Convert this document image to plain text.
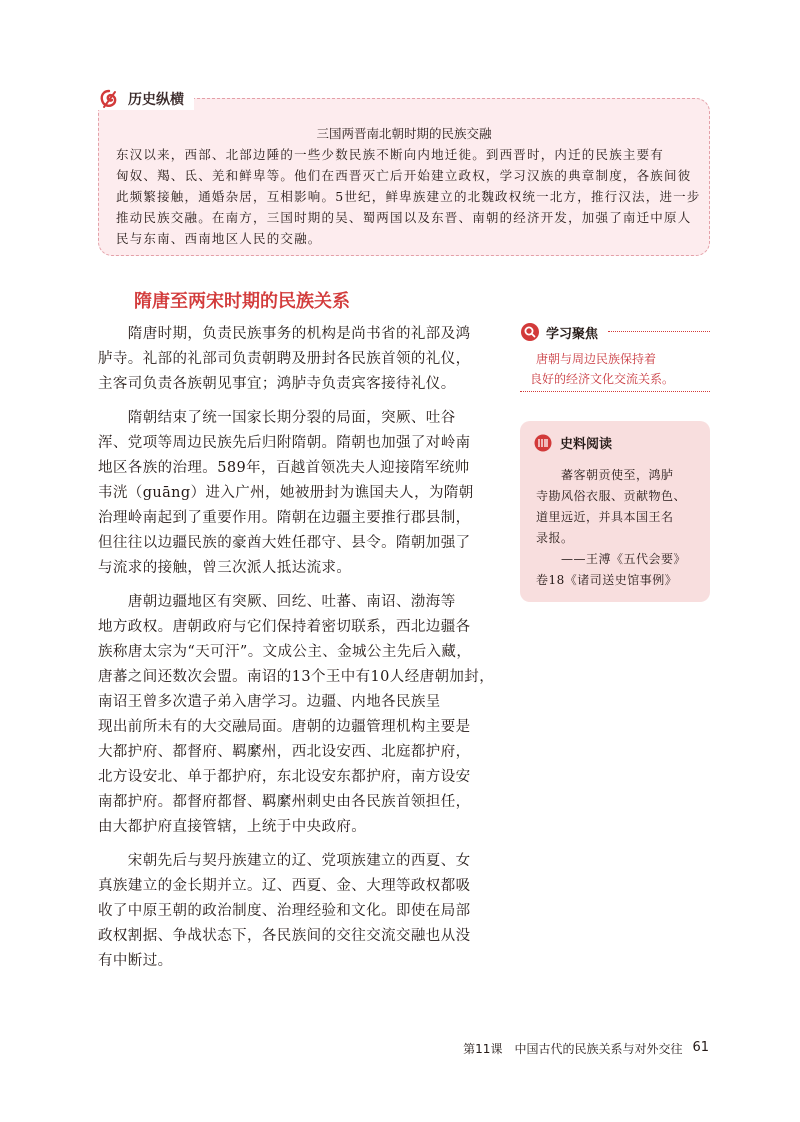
历史纵横
三国两晋南北朝时期的民族交融
东汉以来，西部、北部边陲的一些少数民族不断向内地迁徙。到西晋时，内迁的民族主要有
匈奴、羯、氐、羌和鲜卑等。他们在西晋灭亡后开始建立政权，学习汉族的典章制度，各族间彼
此频繁接触，通婚杂居，互相影响。5世纪，鲜卑族建立的北魏政权统一北方，推行汉法，进一步
推动民族交融。在南方，三国时期的吴、蜀两国以及东晋、南朝的经济开发，加强了南迁中原人
民与东南、西南地区人民的交融。
隋唐至两宋时期的民族关系
　　隋唐时期，负责民族事务的机构是尚书省的礼部及鸿
胪寺。礼部的礼部司负责朝聘及册封各民族首领的礼仪，
主客司负责各族朝见事宜；鸿胪寺负责宾客接待礼仪。
　　隋朝结束了统一国家长期分裂的局面，突厥、吐谷
浑、党项等周边民族先后归附隋朝。隋朝也加强了对岭南
地区各族的治理。589年，百越首领冼夫人迎接隋军统帅
韦洸（guāng）进入广州，她被册封为谯国夫人，为隋朝
治理岭南起到了重要作用。隋朝在边疆主要推行郡县制，
但往往以边疆民族的豪酋大姓任郡守、县令。隋朝加强了
与流求的接触，曾三次派人抵达流求。
　　唐朝边疆地区有突厥、回纥、吐蕃、南诏、渤海等
地方政权。唐朝政府与它们保持着密切联系，西北边疆各
族称唐太宗为“天可汗”。文成公主、金城公主先后入藏，
唐蕃之间还数次会盟。南诏的13个王中有10人经唐朝加封，
南诏王曾多次遣子弟入唐学习。边疆、内地各民族呈
现出前所未有的大交融局面。唐朝的边疆管理机构主要是
大都护府、都督府、羁縻州，西北设安西、北庭都护府，
北方设安北、单于都护府，东北设安东都护府，南方设安
南都护府。都督府都督、羁縻州刺史由各民族首领担任，
由大都护府直接管辖，上统于中央政府。
　　宋朝先后与契丹族建立的辽、党项族建立的西夏、女
真族建立的金长期并立。辽、西夏、金、大理等政权都吸
收了中原王朝的政治制度、治理经验和文化。即使在局部
政权割据、争战状态下，各民族间的交往交流交融也从没
有中断过。
学习聚焦
唐朝与周边民族保持着
良好的经济文化交流关系。
史料阅读
　　蕃客朝贡使至，鸿胪
寺勘风俗衣服、贡献物色、
道里远近，并具本国王名
录报。
　　——王溥《五代会要》
卷18《诸司送史馆事例》
第11课　中国古代的民族关系与对外交往 61
